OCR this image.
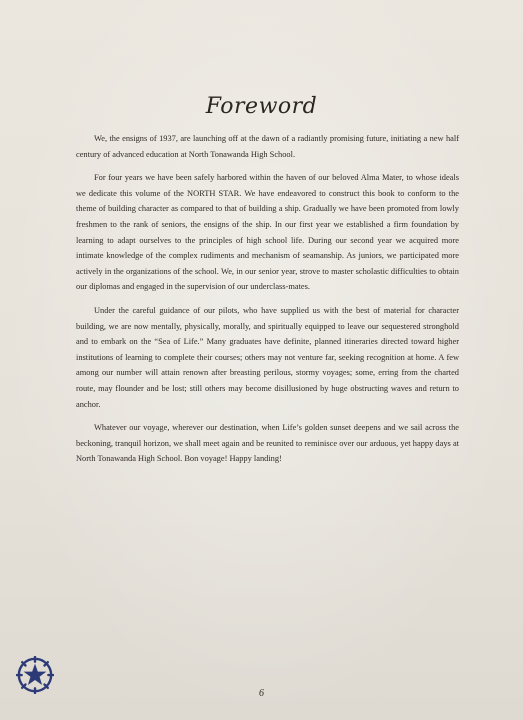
Foreword

We, the ensigns of 1937, are launching off at the dawn of a radiantly promising future, initiating a new half century of advanced education at North Tonawanda High School.

For four years we have been safely harbored within the haven of our beloved Alma Mater, to whose ideals we dedicate this volume of the NORTH STAR. We have endeavored to construct this book to conform to the theme of building character as compared to that of building a ship. Gradually we have been promoted from lowly freshmen to the rank of seniors, the ensigns of the ship. In our first year we established a firm foundation by learning to adapt ourselves to the principles of high school life. During our second year we acquired more intimate knowledge of the complex rudiments and mechanism of seamanship. As juniors, we participated more actively in the organizations of the school. We, in our senior year, strove to master scholastic difficulties to obtain our diplomas and engaged in the supervision of our underclass-mates.

Under the careful guidance of our pilots, who have supplied us with the best of material for character building, we are now mentally, physically, morally, and spiritually equipped to leave our sequestered stronghold and to embark on the “Sea of Life.” Many graduates have definite, planned itineraries directed toward higher institutions of learning to complete their courses; others may not venture far, seeking recognition at home. A few among our number will attain renown after breasting perilous, stormy voyages; some, erring from the charted route, may flounder and be lost; still others may become disillusioned by huge obstructing waves and return to anchor.

Whatever our voyage, wherever our destination, when Life’s golden sunset deepens and we sail across the beckoning, tranquil horizon, we shall meet again and be reunited to reminisce over our arduous, yet happy days at North Tonawanda High School. Bon voyage! Happy landing!

6
